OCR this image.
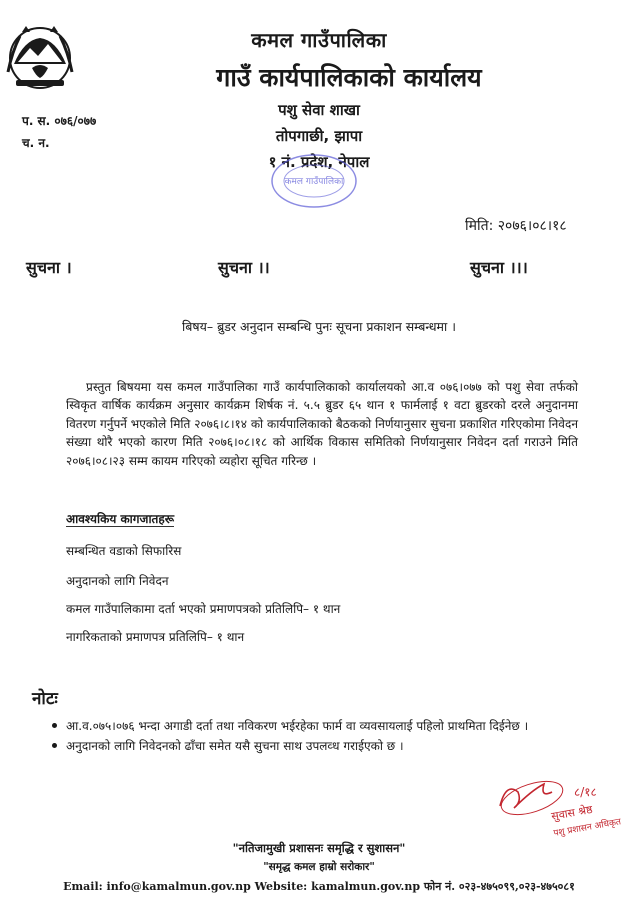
कमल गाउँपालिका
गाउँ कार्यपालिकाको कार्यालय
पशु सेवा शाखा
तोपगाछी, झापा
१ नं. प्रदेश, नेपाल
प. स. ०७६/०७७
च. न.
कमल गाउँपालिका
मिति: २०७६।०८।१८
सुचना ।	सुचना ।।	सुचना ।।।
बिषय– ब्रुडर अनुदान सम्बन्धि पुनः सूचना प्रकाशन सम्बन्धमा ।
प्रस्तुत बिषयमा यस कमल गाउँपालिका गाउँ कार्यपालिकाको कार्यालयको आ.व ०७६।०७७ को पशु सेवा तर्फको स्विकृत वार्षिक कार्यक्रम अनुसार कार्यक्रम शिर्षक नं. ५.५ ब्रुडर ६५ थान १ फार्मलाई १ वटा ब्रुडरको दरले अनुदानमा वितरण गर्नुपर्ने भएकोले मिति २०७६।८।१४ को कार्यपालिकाको बैठकको निर्णयानुसार सुचना प्रकाशित गरिएकोमा निवेदन संख्या थोरै भएको कारण मिति २०७६।०८।१८ को आर्थिक विकास समितिको निर्णयानुसार निवेदन दर्ता गराउने मिति २०७६।०८।२३ सम्म कायम गरिएको व्यहोरा सूचित गरिन्छ ।
आवश्यकिय कागजातहरू
सम्बन्धित वडाको सिफारिस
अनुदानको लागि निवेदन
कमल गाउँपालिकामा दर्ता भएको प्रमाणपत्रको प्रतिलिपि– १ थान
नागरिकताको प्रमाणपत्र प्रतिलिपि– १ थान
नोटः
आ.व.०७५।०७६ भन्दा अगाडी दर्ता तथा नविकरण भईरहेका फार्म वा व्यवसायलाई पहिलो प्राथमिता दिईनेछ ।
अनुदानको लागि निवेदनको ढाँचा समेत यसै सुचना साथ उपलव्ध गराईएको छ ।
८/१८
सुवास श्रेष्ठ
पशु प्रशासन अधिकृत
"नतिजामुखी प्रशासनः समृद्धि र सुशासन"
"समृद्ध कमल हाम्रो सरोकार"
Email: info@kamalmun.gov.np Website: kamalmun.gov.np फोन नं. ०२३-४७५०९९,०२३-४७५०८१
